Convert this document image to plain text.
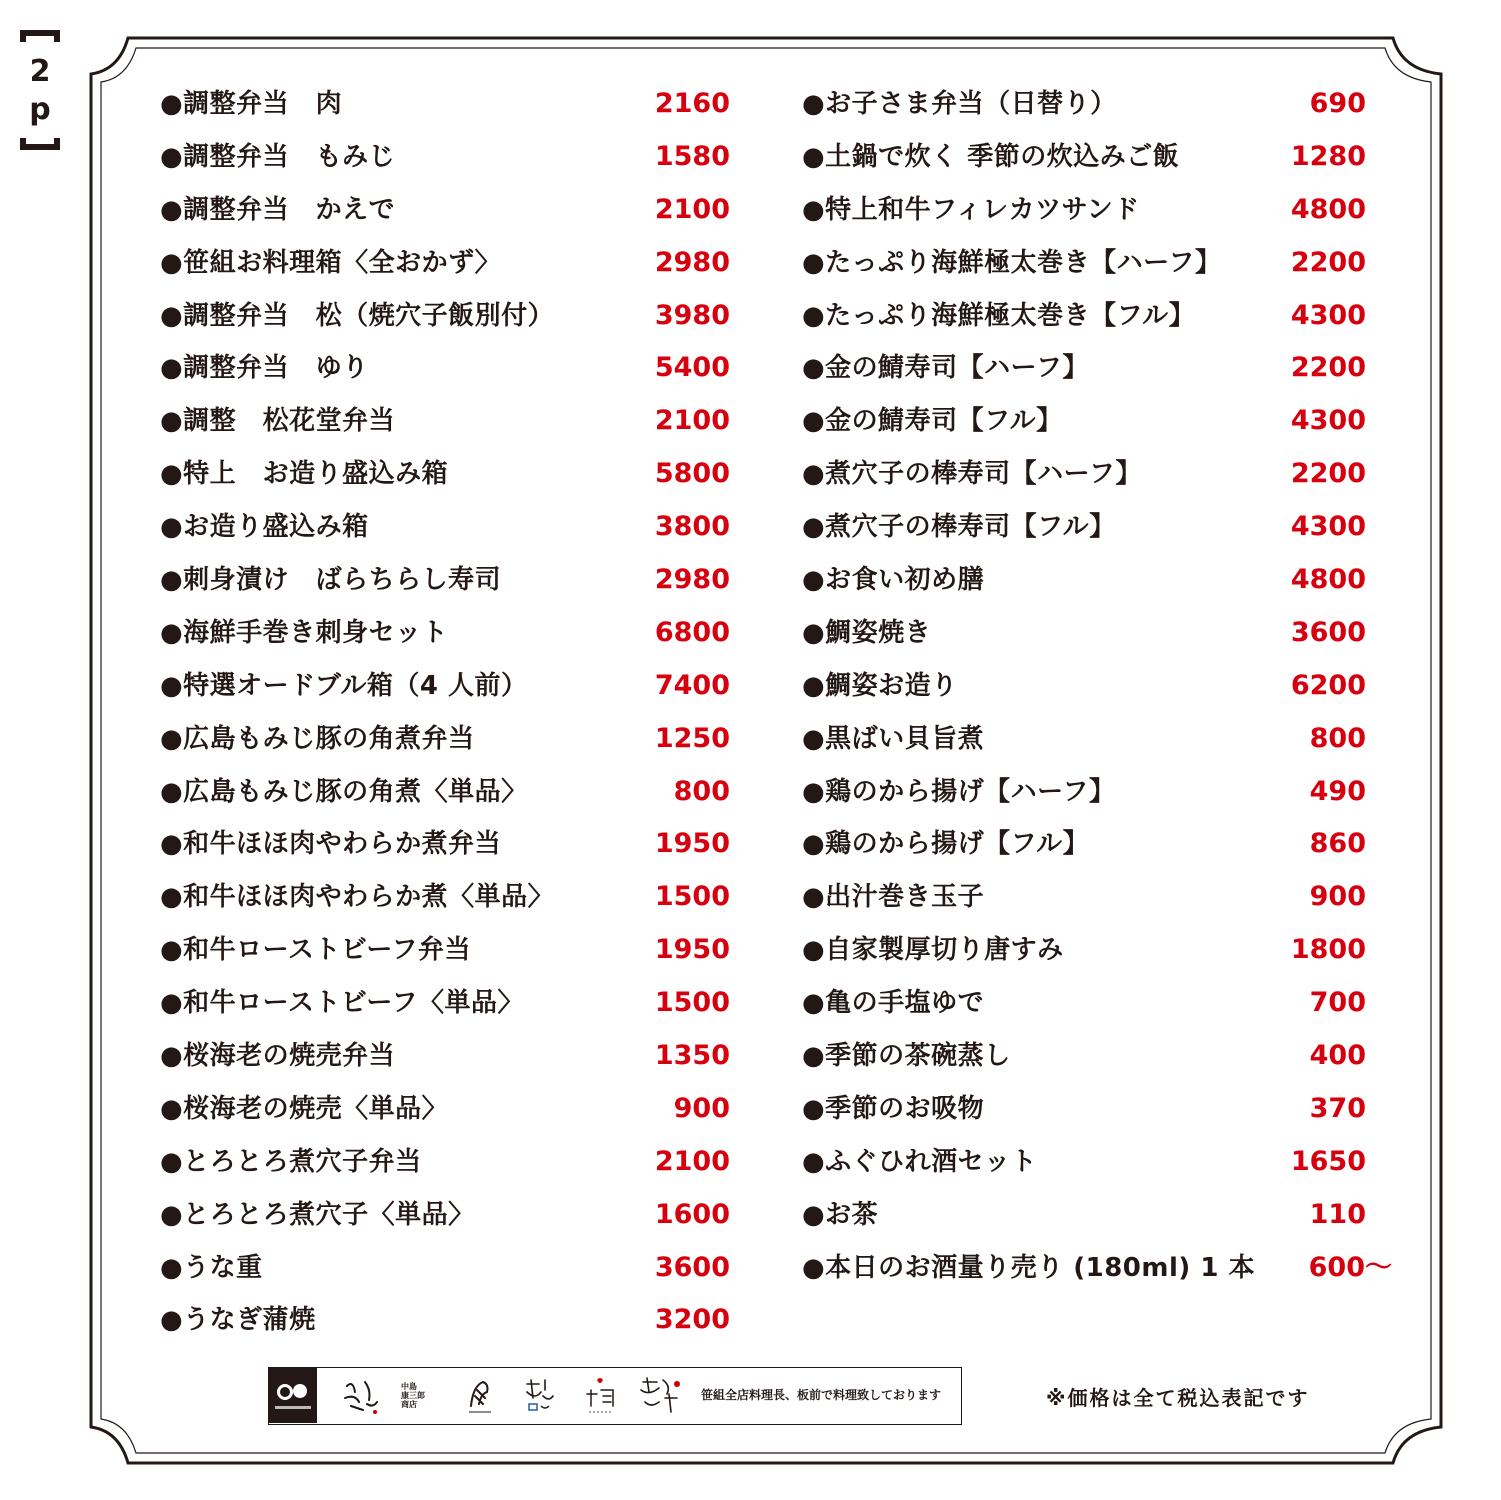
2
p	●調整弁当　肉	2160
●調整弁当　もみじ	1580
●調整弁当　かえで	2100
●笹組お料理箱〈全おかず〉	2980
●調整弁当　松（焼穴子飯別付）	3980
●調整弁当　ゆり	5400
●調整　松花堂弁当	2100
●特上　お造り盛込み箱	5800
●お造り盛込み箱	3800
●刺身漬け　ばらちらし寿司	2980
●海鮮手巻き刺身セット	6800
●特選オードブル箱（4 人前）	7400
●広島もみじ豚の角煮弁当	1250
●広島もみじ豚の角煮〈単品〉	800
●和牛ほほ肉やわらか煮弁当	1950
●和牛ほほ肉やわらか煮〈単品〉	1500
●和牛ローストビーフ弁当	1950
●和牛ローストビーフ〈単品〉	1500
●桜海老の焼売弁当	1350
●桜海老の焼売〈単品〉	900
●とろとろ煮穴子弁当	2100
●とろとろ煮穴子〈単品〉	1600
●うな重	3600
●うなぎ蒲焼	3200
●お子さま弁当（日替り）	690
●土鍋で炊く 季節の炊込みご飯	1280
●特上和牛フィレカツサンド	4800
●たっぷり海鮮極太巻き【ハーフ】	2200
●たっぷり海鮮極太巻き【フル】	4300
●金の鯖寿司【ハーフ】	2200
●金の鯖寿司【フル】	4300
●煮穴子の棒寿司【ハーフ】	2200
●煮穴子の棒寿司【フル】	4300
●お食い初め膳	4800
●鯛姿焼き	3600
●鯛姿お造り	6200
●黒ばい貝旨煮	800
●鶏のから揚げ【ハーフ】	490
●鶏のから揚げ【フル】	860
●出汁巻き玉子	900
●自家製厚切り唐すみ	1800
●亀の手塩ゆで	700
●季節の茶碗蒸し	400
●季節のお吸物	370
●ふぐひれ酒セット	1650
●お茶	110
●本日のお酒量り売り (180ml) 1 本 600～
中島
康三郎
商店
笹組全店料理長、板前で料理致しております	※価格は全て税込表記です
